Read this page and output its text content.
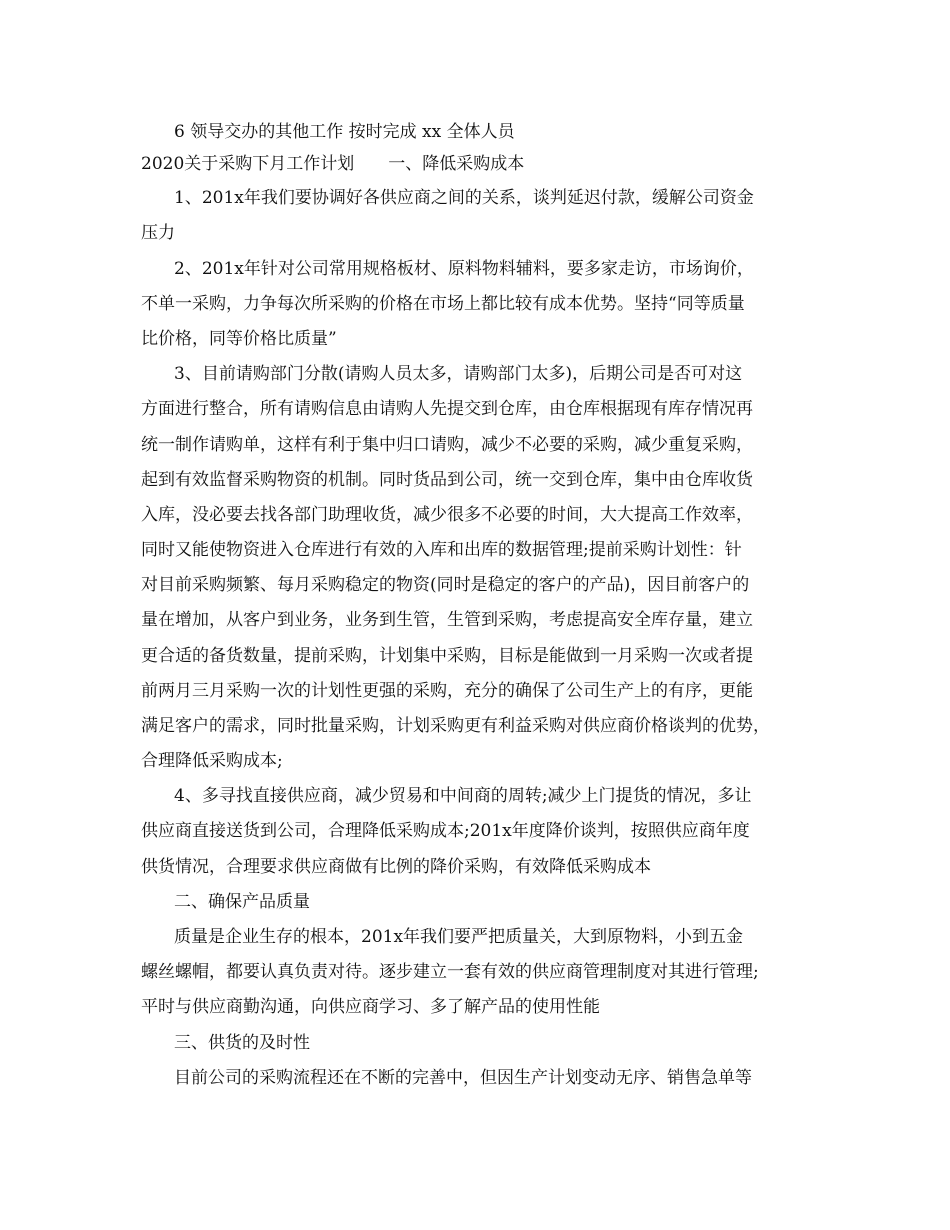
6 领导交办的其他工作 按时完成 xx 全体人员
2020关于采购下月工作计划　　一、降低采购成本
1、201x年我们要协调好各供应商之间的关系，谈判延迟付款，缓解公司资金
压力
2、201x年针对公司常用规格板材、原料物料辅料，要多家走访，市场询价，
不单一采购，力争每次所采购的价格在市场上都比较有成本优势。坚持“同等质量
比价格，同等价格比质量”
3、目前请购部门分散(请购人员太多，请购部门太多)，后期公司是否可对这
方面进行整合，所有请购信息由请购人先提交到仓库，由仓库根据现有库存情况再
统一制作请购单，这样有利于集中归口请购，减少不必要的采购，减少重复采购，
起到有效监督采购物资的机制。同时货品到公司，统一交到仓库，集中由仓库收货
入库，没必要去找各部门助理收货，减少很多不必要的时间，大大提高工作效率，
同时又能使物资进入仓库进行有效的入库和出库的数据管理;提前采购计划性：针
对目前采购频繁、每月采购稳定的物资(同时是稳定的客户的产品)，因目前客户的
量在增加，从客户到业务，业务到生管，生管到采购，考虑提高安全库存量，建立
更合适的备货数量，提前采购，计划集中采购，目标是能做到一月采购一次或者提
前两月三月采购一次的计划性更强的采购，充分的确保了公司生产上的有序，更能
满足客户的需求，同时批量采购，计划采购更有利益采购对供应商价格谈判的优势，
合理降低采购成本;
4、多寻找直接供应商，减少贸易和中间商的周转;减少上门提货的情况，多让
供应商直接送货到公司，合理降低采购成本;201x年度降价谈判，按照供应商年度
供货情况，合理要求供应商做有比例的降价采购，有效降低采购成本
二、确保产品质量
质量是企业生存的根本，201x年我们要严把质量关，大到原物料，小到五金
螺丝螺帽，都要认真负责对待。逐步建立一套有效的供应商管理制度对其进行管理;
平时与供应商勤沟通，向供应商学习、多了解产品的使用性能
三、供货的及时性
目前公司的采购流程还在不断的完善中，但因生产计划变动无序、销售急单等
